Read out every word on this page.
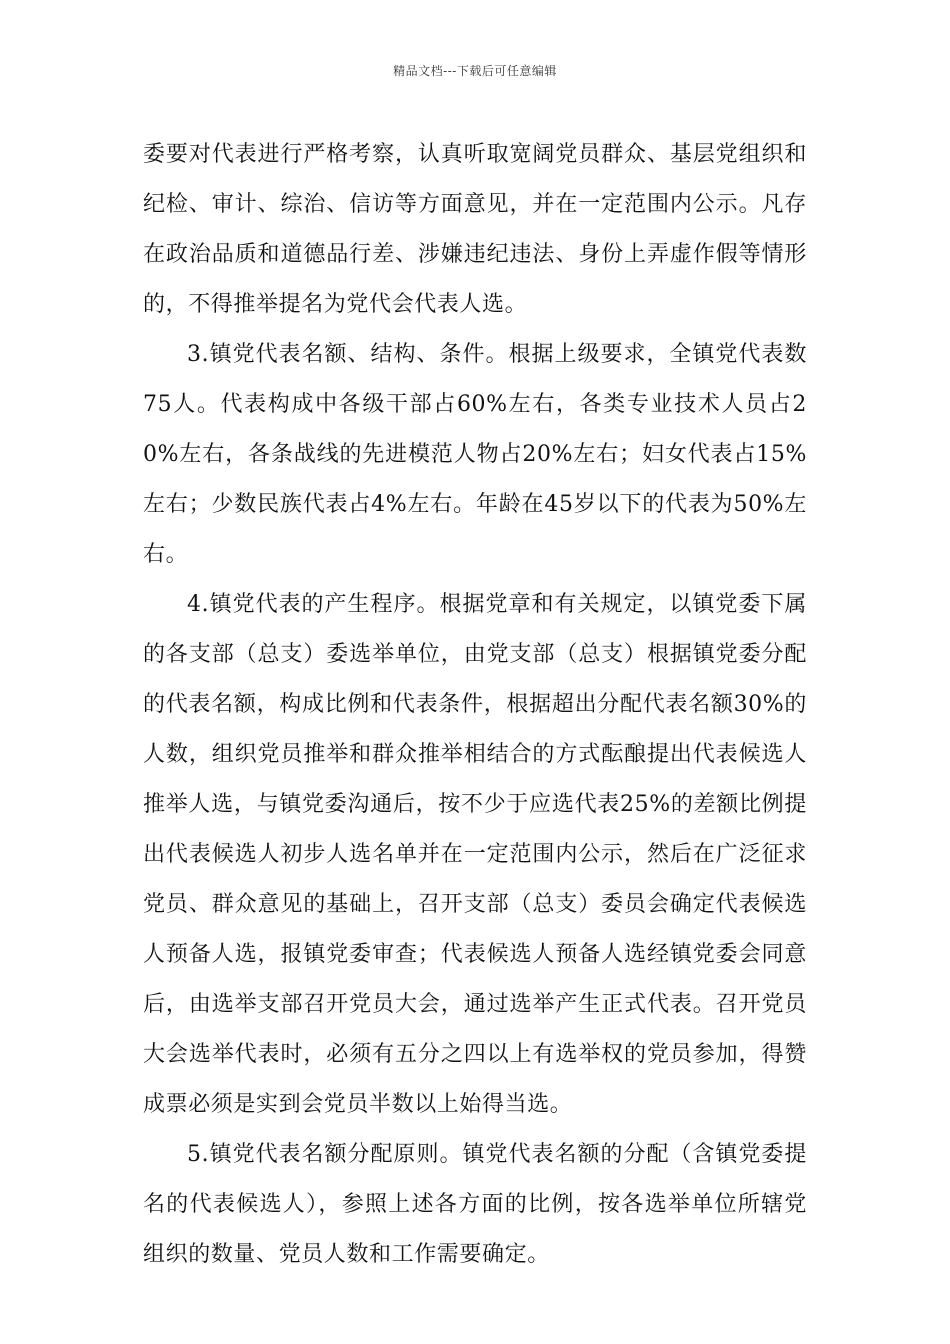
精品文档---下载后可任意编辑

委要对代表进行严格考察，认真听取宽阔党员群众、基层党组织和纪检、审计、综治、信访等方面意见，并在一定范围内公示。凡存在政治品质和道德品行差、涉嫌违纪违法、身份上弄虚作假等情形的，不得推举提名为党代会代表人选。

3.镇党代表名额、结构、条件。根据上级要求，全镇党代表数75人。代表构成中各级干部占60%左右，各类专业技术人员占20%左右，各条战线的先进模范人物占20%左右；妇女代表占15%左右；少数民族代表占4%左右。年龄在45岁以下的代表为50%左右。

4.镇党代表的产生程序。根据党章和有关规定，以镇党委下属的各支部（总支）委选举单位，由党支部（总支）根据镇党委分配的代表名额，构成比例和代表条件，根据超出分配代表名额30%的人数，组织党员推举和群众推举相结合的方式酝酿提出代表候选人推举人选，与镇党委沟通后，按不少于应选代表25%的差额比例提出代表候选人初步人选名单并在一定范围内公示，然后在广泛征求党员、群众意见的基础上，召开支部（总支）委员会确定代表候选人预备人选，报镇党委审查；代表候选人预备人选经镇党委会同意后，由选举支部召开党员大会，通过选举产生正式代表。召开党员大会选举代表时，必须有五分之四以上有选举权的党员参加，得赞成票必须是实到会党员半数以上始得当选。

5.镇党代表名额分配原则。镇党代表名额的分配（含镇党委提名的代表候选人），参照上述各方面的比例，按各选举单位所辖党组织的数量、党员人数和工作需要确定。
